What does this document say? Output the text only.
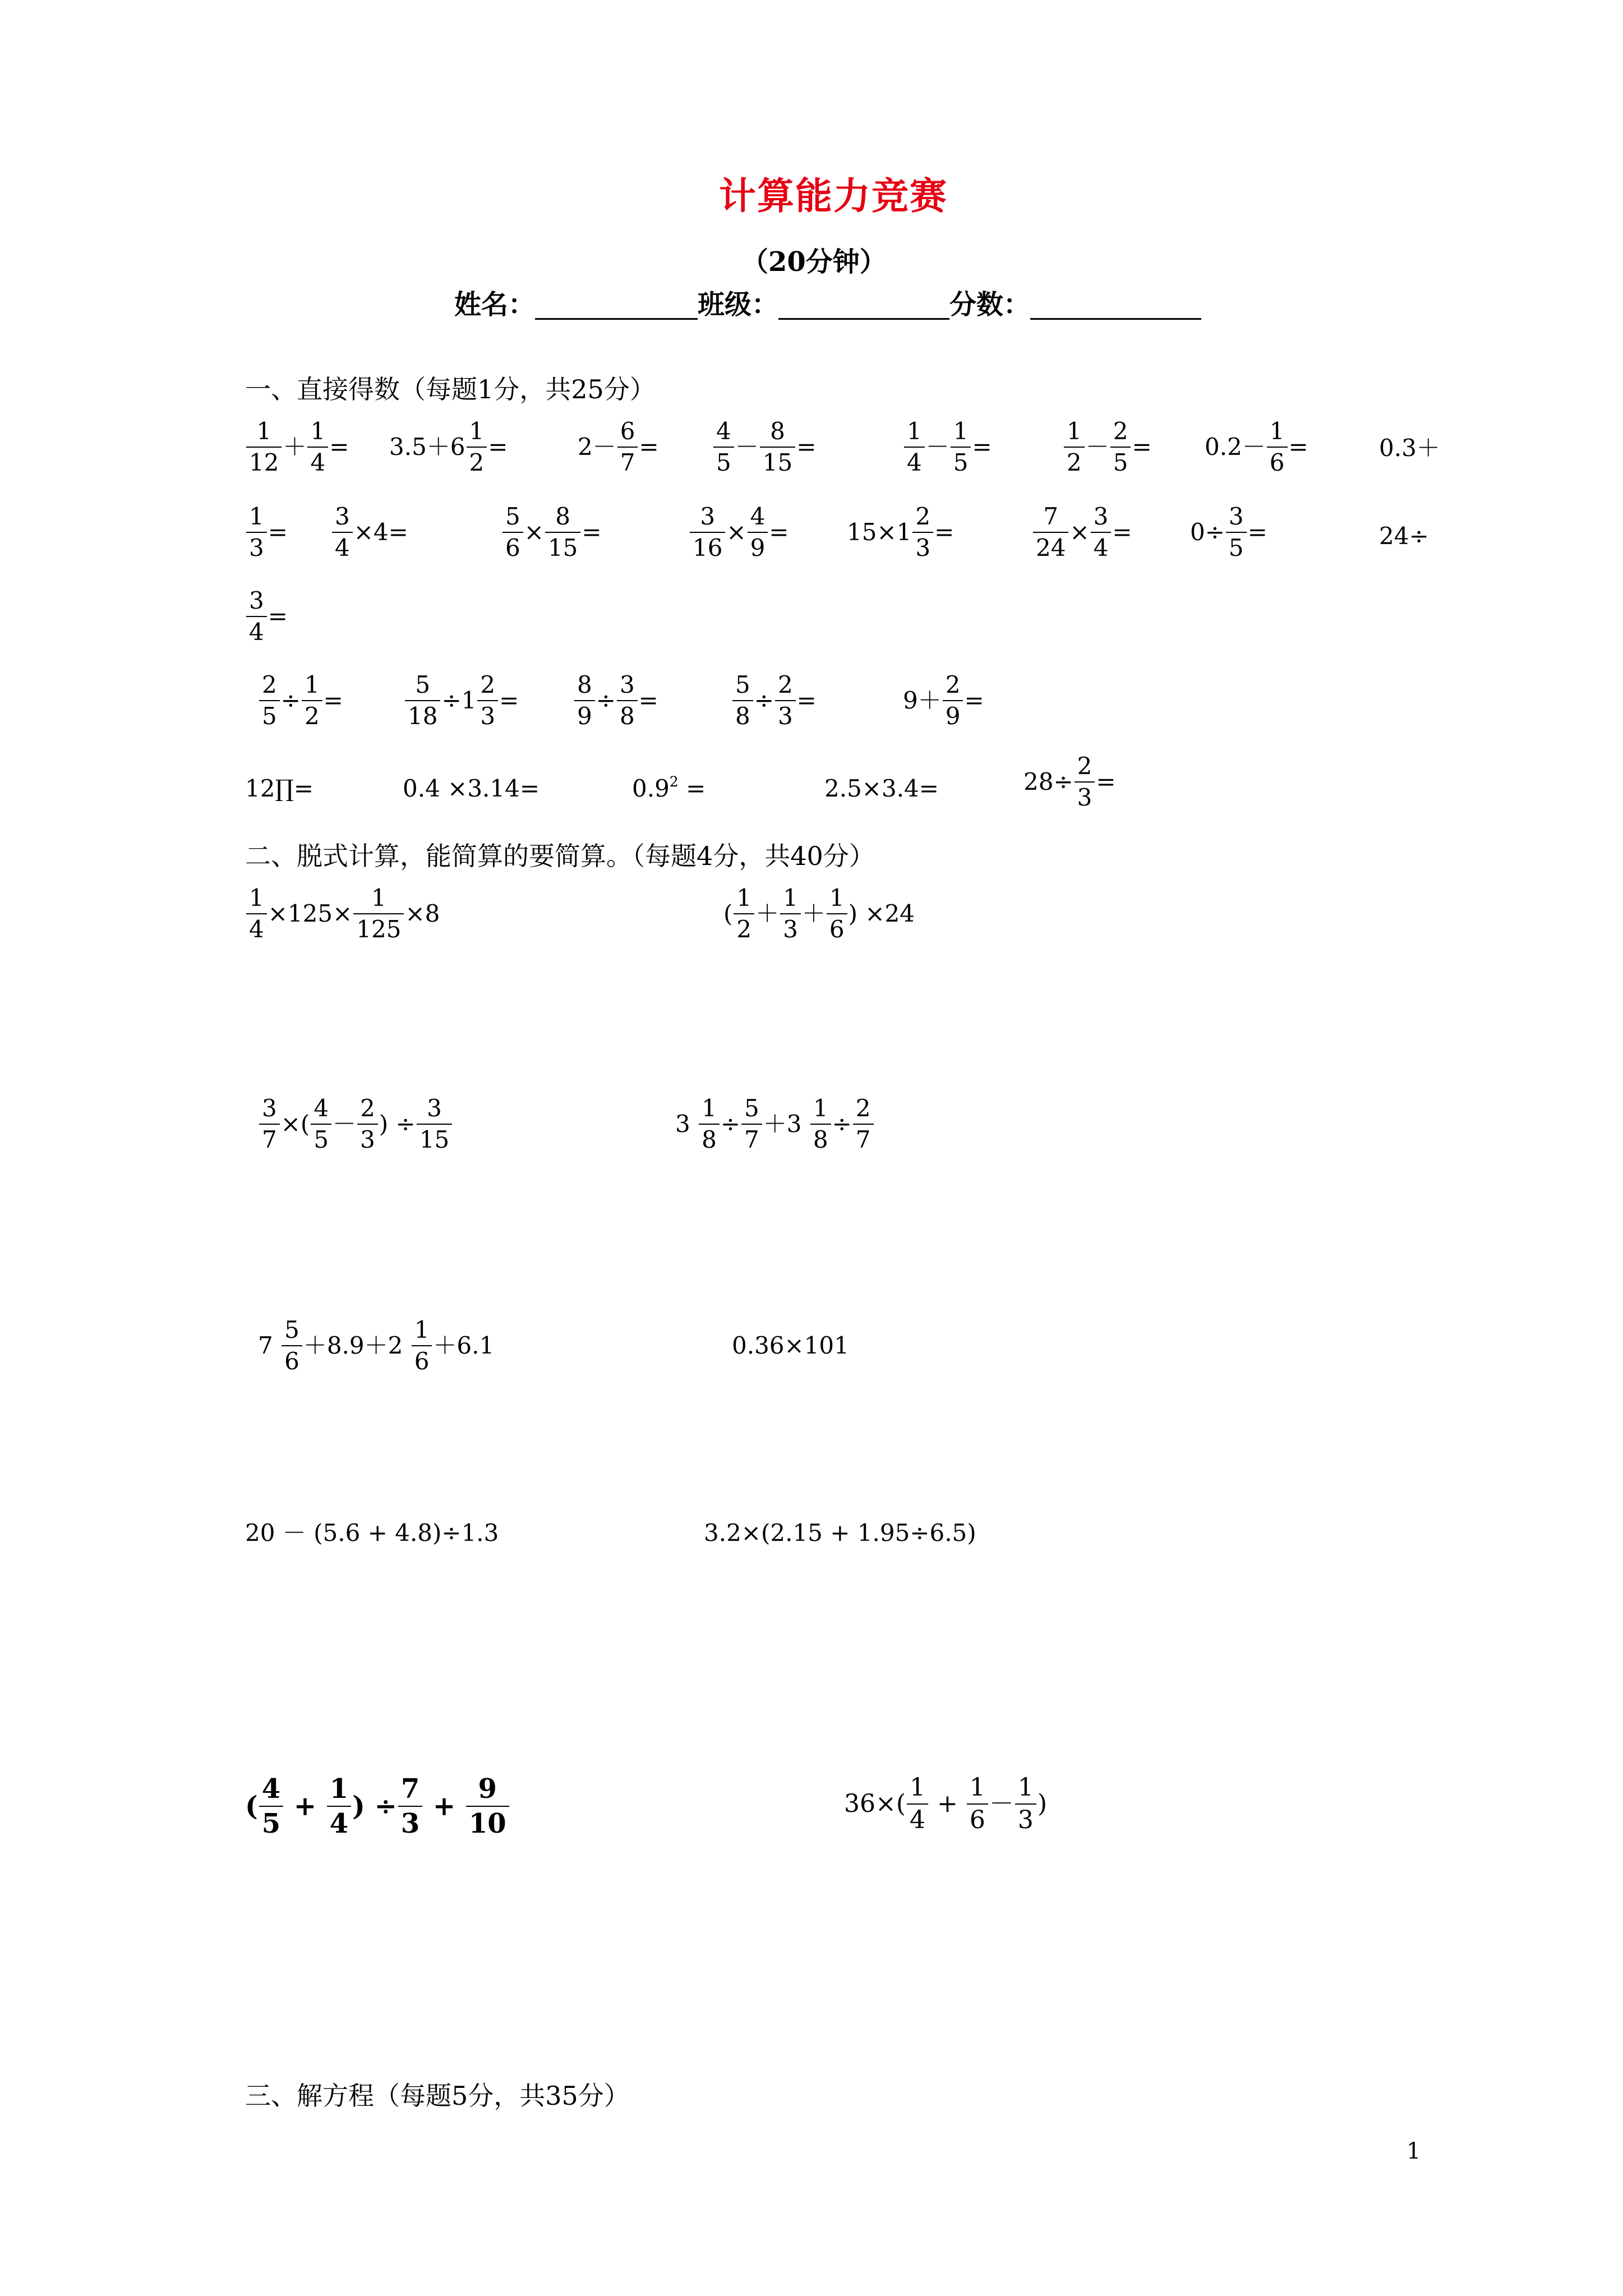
计算能力竞赛
（20分钟）
姓名：	班级：	分数：
一、直接得数（每题1分，共25分）
$\frac{1}{12} + \frac{1}{4} = 3.5+6 \frac{1}{2}$ =	$2- \frac{6}{7} = \frac{4}{5} - \frac{8}{15}$ =	$\frac{1}{4} - \frac{1}{5}$ =	$\frac{1}{2} - \frac{2}{5} = 0.2- \frac{1}{6}$ =	0.3＋
$\frac{1}{3} = \frac{3}{4} \times 4=$	$\frac{5}{6} \times \frac{8}{15}$ =	$\frac{3}{16} \times \frac{4}{9} = 15\times 1 \frac{2}{3}$ =	$\frac{7}{24} \times \frac{3}{4} = 0\div \frac{3}{5}$ =	24÷
$\frac{3}{4}$ =
$\frac{2}{5} \div \frac{1}{2}$ =	$\frac{5}{18} \div 1 \frac{2}{3} = \frac{8}{9} \div \frac{3}{8}$ =	$\frac{5}{8} \div \frac{2}{3}$ =	$9+ \frac{2}{9}$ =
12∏=	0.4 ×3.14=	$0.9^2$ =	2.5×3.4=	$28\div \frac{2}{3}$ =
二、脱式计算，能简算的要简算。（每题4分，共40分）
$\frac{1}{4} \times 125\times \frac{1}{125} \times 8$	( $\frac{1}{2} + \frac{1}{3} + \frac{1}{6}$ ) ×24
$\frac{3}{7}$ ×( $\frac{4}{5} - \frac{2}{3}$ ) ÷ $\frac{3}{15}$	$3 \frac{1}{8} \div \frac{5}{7} +3 \frac{1}{8} \div \frac{2}{7}$
$7 \frac{5}{6} +8.9+2 \frac{1}{6} +6.1$	0.36×101
20 － (5.6 + 4.8)÷1.3	3.2×(2.15 + 1.95÷6.5)
( $\frac{4}{5} + \frac{1}{4}$ ) ÷ $\frac{7}{3} + \frac{9}{10}$	$36\times( \frac{1}{4} + \frac{1}{6} - \frac{1}{3}$ )
三、解方程（每题5分，共35分）
1
